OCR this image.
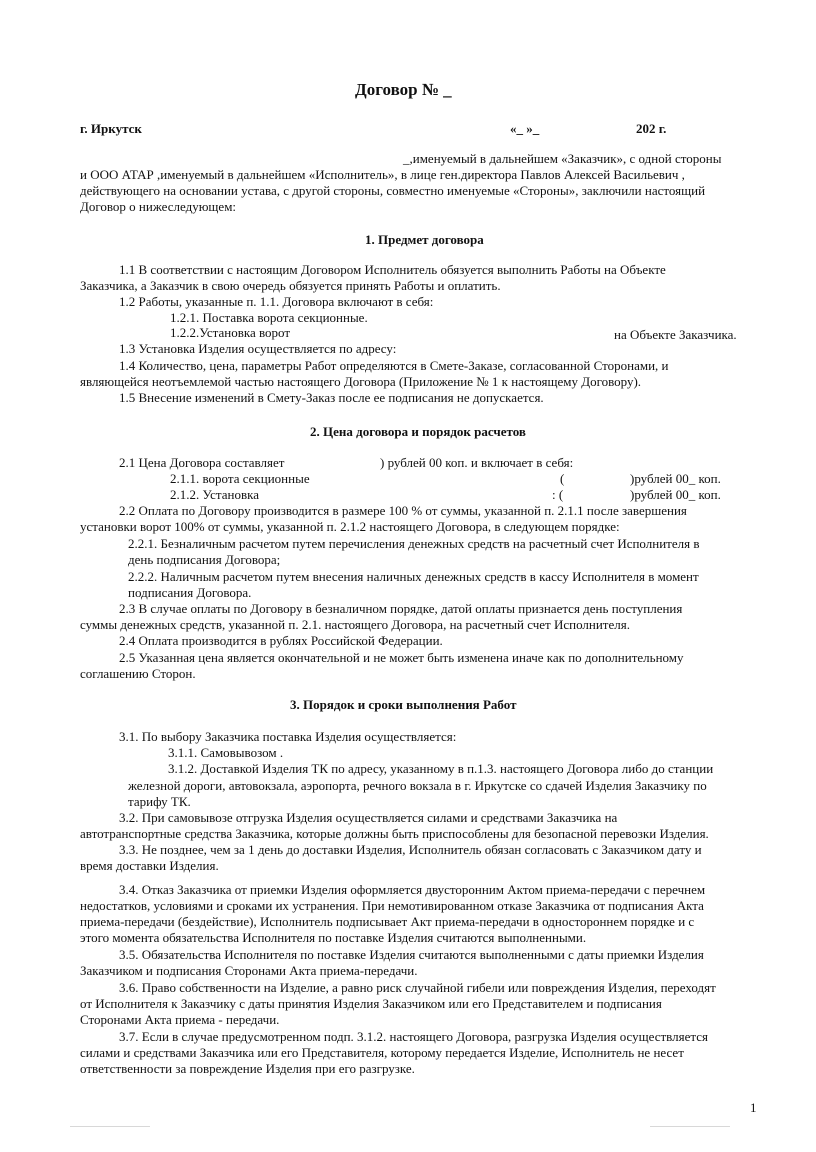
Договор № _
г. Иркутск	«_ »_	202 г.
_,именуемый в дальнейшем «Заказчик», с одной стороны
и ООО АТАР ,именуемый в дальнейшем «Исполнитель», в лице ген.директора Павлов Алексей Васильевич ,
действующего на основании устава, с другой стороны, совместно именуемые «Стороны», заключили настоящий
Договор о нижеследующем:
1. Предмет договора
1.1 В соответствии с настоящим Договором Исполнитель обязуется выполнить Работы на Объекте
Заказчика, а Заказчик в свою очередь обязуется принять Работы и оплатить.
1.2 Работы, указанные п. 1.1. Договора включают в себя:
1.2.1. Поставка ворота секционные.
1.2.2.Установка ворот	на Объекте Заказчика.
1.3 Установка Изделия осуществляется по адресу:
1.4 Количество, цена, параметры Работ определяются в Смете-Заказе, согласованной Сторонами, и
являющейся неотъемлемой частью настоящего Договора (Приложение № 1 к настоящему Договору).
1.5 Внесение изменений в Смету-Заказ после ее подписания не допускается.
2. Цена договора и порядок расчетов
2.1 Цена Договора составляет	) рублей 00 коп. и включает в себя:
2.1.1. ворота секционные	(	)рублей 00_ коп.
2.1.2. Установка	: (	)рублей 00_ коп.
2.2 Оплата по Договору производится в размере 100 % от суммы, указанной п. 2.1.1 после завершения
установки ворот 100% от суммы, указанной п. 2.1.2 настоящего Договора, в следующем порядке:
2.2.1. Безналичным расчетом путем перечисления денежных средств на расчетный счет Исполнителя в
день подписания Договора;
2.2.2. Наличным расчетом путем внесения наличных денежных средств в кассу Исполнителя в момент
подписания Договора.
2.3 В случае оплаты по Договору в безналичном порядке, датой оплаты признается день поступления
суммы денежных средств, указанной п. 2.1. настоящего Договора, на расчетный счет Исполнителя.
2.4 Оплата производится в рублях Российской Федерации.
2.5 Указанная цена является окончательной и не может быть изменена иначе как по дополнительному
соглашению Сторон.
3. Порядок и сроки выполнения Работ
3.1. По выбору Заказчика поставка Изделия осуществляется:
3.1.1. Самовывозом .
3.1.2. Доставкой Изделия ТК по адресу, указанному в п.1.3. настоящего Договора либо до станции
железной дороги, автовокзала, аэропорта, речного вокзала в г. Иркутске со сдачей Изделия Заказчику по
тарифу ТК.
3.2. При самовывозе отгрузка Изделия осуществляется силами и средствами Заказчика на
автотранспортные средства Заказчика, которые должны быть приспособлены для безопасной перевозки Изделия.
3.3. Не позднее, чем за 1 день до доставки Изделия, Исполнитель обязан согласовать с Заказчиком дату и
время доставки Изделия.
3.4. Отказ Заказчика от приемки Изделия оформляется двусторонним Актом приема-передачи с перечнем
недостатков, условиями и сроками их устранения. При немотивированном отказе Заказчика от подписания Акта
приема-передачи (бездействие), Исполнитель подписывает Акт приема-передачи в одностороннем порядке и с
этого момента обязательства Исполнителя по поставке Изделия считаются выполненными.
3.5. Обязательства Исполнителя по поставке Изделия считаются выполненными с даты приемки Изделия
Заказчиком и подписания Сторонами Акта приема-передачи.
3.6. Право собственности на Изделие, а равно риск случайной гибели или повреждения Изделия, переходят
от Исполнителя к Заказчику с даты принятия Изделия Заказчиком или его Представителем и подписания
Сторонами Акта приема - передачи.
3.7. Если в случае предусмотренном подп. 3.1.2. настоящего Договора, разгрузка Изделия осуществляется
силами и средствами Заказчика или его Представителя, которому передается Изделие, Исполнитель не несет
ответственности за повреждение Изделия при его разгрузке.
1
